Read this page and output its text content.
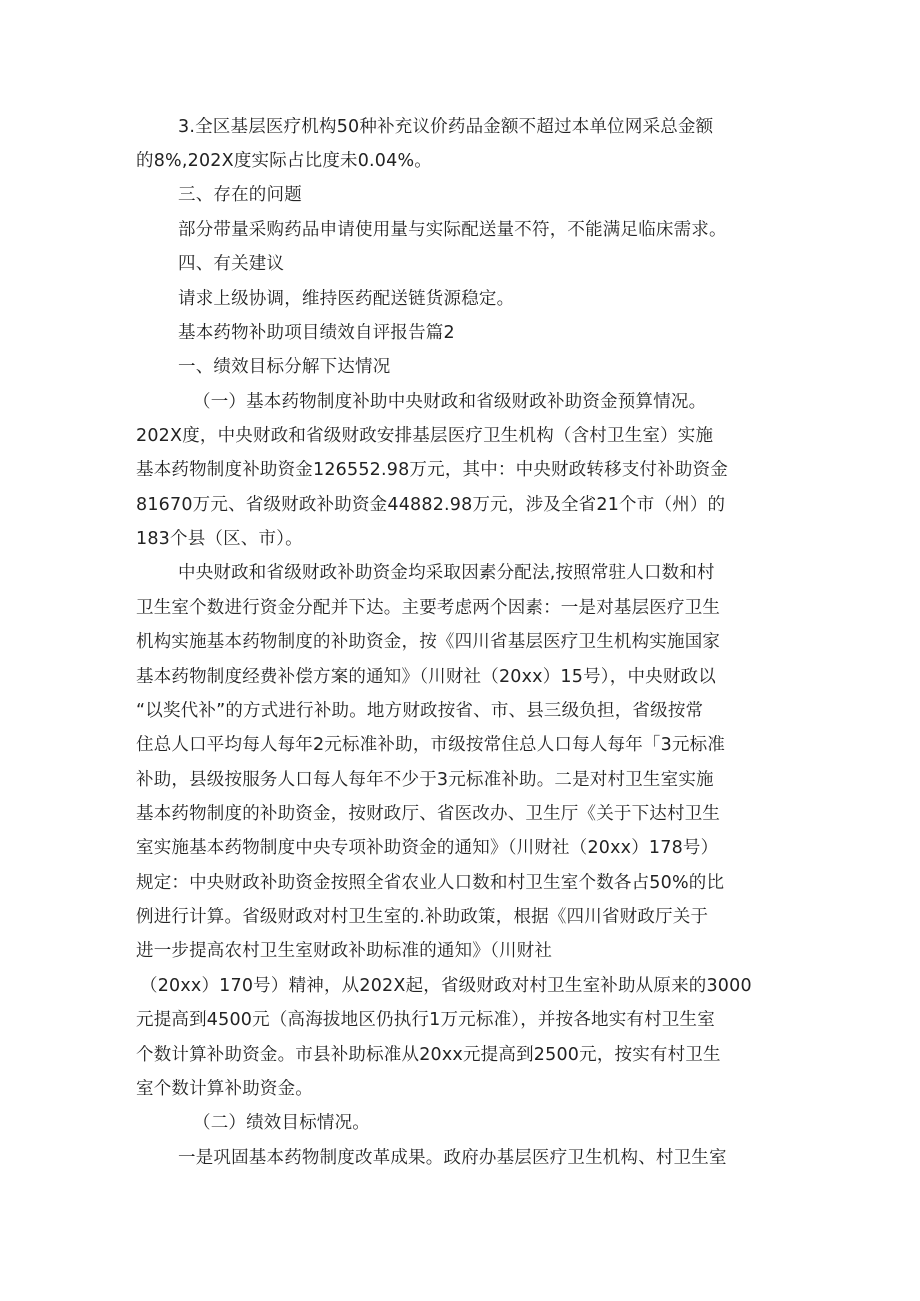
3.全区基层医疗机构50种补充议价药品金额不超过本单位网采总金额
的8%,202X度实际占比度未0.04%。
三、存在的问题
部分带量采购药品申请使用量与实际配送量不符，不能满足临床需求。
四、有关建议
请求上级协调，维持医药配送链货源稳定。
基本药物补助项目绩效自评报告篇2
一、绩效目标分解下达情况
（一）基本药物制度补助中央财政和省级财政补助资金预算情况。
202X度，中央财政和省级财政安排基层医疗卫生机构（含村卫生室）实施
基本药物制度补助资金126552.98万元，其中：中央财政转移支付补助资金
81670万元、省级财政补助资金44882.98万元，涉及全省21个市（州）的
183个县（区、市）。
中央财政和省级财政补助资金均采取因素分配法,按照常驻人口数和村
卫生室个数进行资金分配并下达。主要考虑两个因素：一是对基层医疗卫生
机构实施基本药物制度的补助资金，按《四川省基层医疗卫生机构实施国家
基本药物制度经费补偿方案的通知》（川财社（20xx）15号），中央财政以
“以奖代补”的方式进行补助。地方财政按省、市、县三级负担，省级按常
住总人口平均每人每年2元标准补助，市级按常住总人口每人每年「3元标准
补助，县级按服务人口每人每年不少于3元标准补助。二是对村卫生室实施
基本药物制度的补助资金，按财政厅、省医改办、卫生厅《关于下达村卫生
室实施基本药物制度中央专项补助资金的通知》（川财社（20xx）178号）
规定：中央财政补助资金按照全省农业人口数和村卫生室个数各占50%的比
例进行计算。省级财政对村卫生室的.补助政策，根据《四川省财政厅关于
进一步提高农村卫生室财政补助标准的通知》（川财社
（20xx）170号）精神，从202X起，省级财政对村卫生室补助从原来的3000
元提高到4500元（高海拔地区仍执行1万元标准），并按各地实有村卫生室
个数计算补助资金。市县补助标准从20xx元提高到2500元，按实有村卫生
室个数计算补助资金。
（二）绩效目标情况。
一是巩固基本药物制度改革成果。政府办基层医疗卫生机构、村卫生室
